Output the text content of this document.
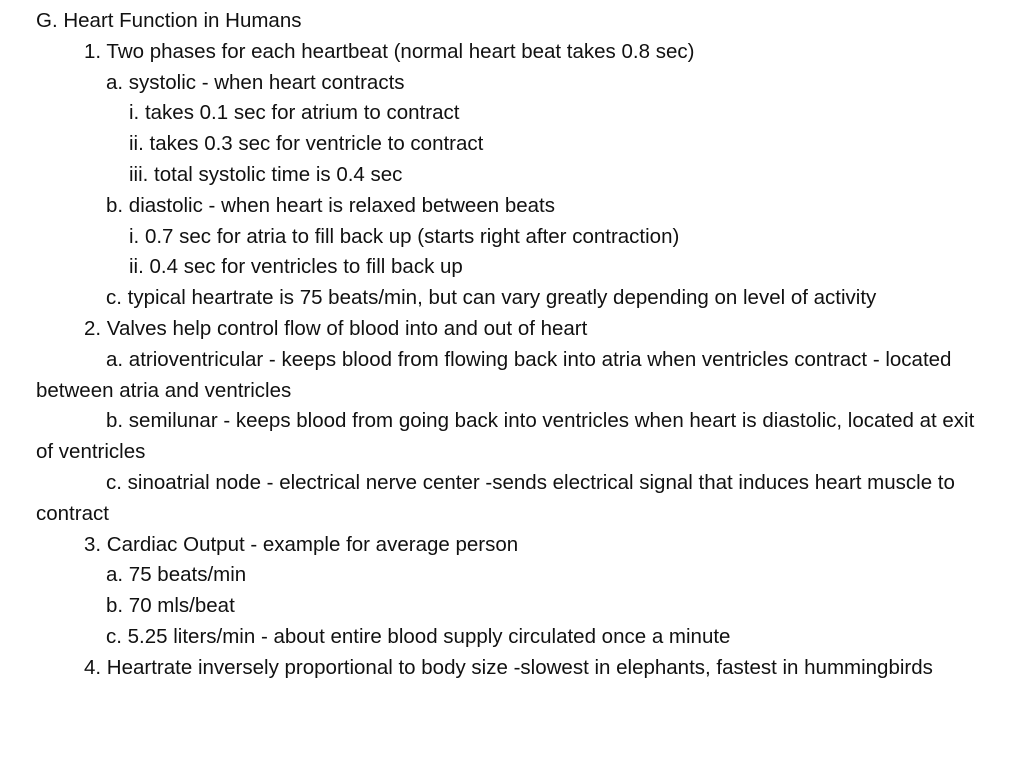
G. Heart Function in Humans
1. Two phases for each heartbeat (normal heart beat takes 0.8 sec)
a. systolic - when heart contracts
i. takes 0.1 sec for atrium to contract
ii. takes 0.3 sec for ventricle to contract
iii. total systolic time is 0.4 sec
b. diastolic - when heart is relaxed between beats
i. 0.7 sec for atria to fill back up (starts right after contraction)
ii. 0.4 sec for ventricles to fill back up
c. typical heartrate is 75 beats/min, but can vary greatly depending on level of activity
2. Valves help control flow of blood into and out of heart
a. atrioventricular - keeps blood from flowing back into atria when ventricles contract - located between atria and ventricles
b. semilunar - keeps blood from going back into ventricles when heart is diastolic, located at exit of ventricles
c. sinoatrial node - electrical nerve center -sends electrical signal that induces heart muscle to contract
3. Cardiac Output - example for average person
a. 75 beats/min
b. 70 mls/beat
c. 5.25 liters/min - about entire blood supply circulated once a minute
4. Heartrate inversely proportional to body size -slowest in elephants, fastest in hummingbirds
